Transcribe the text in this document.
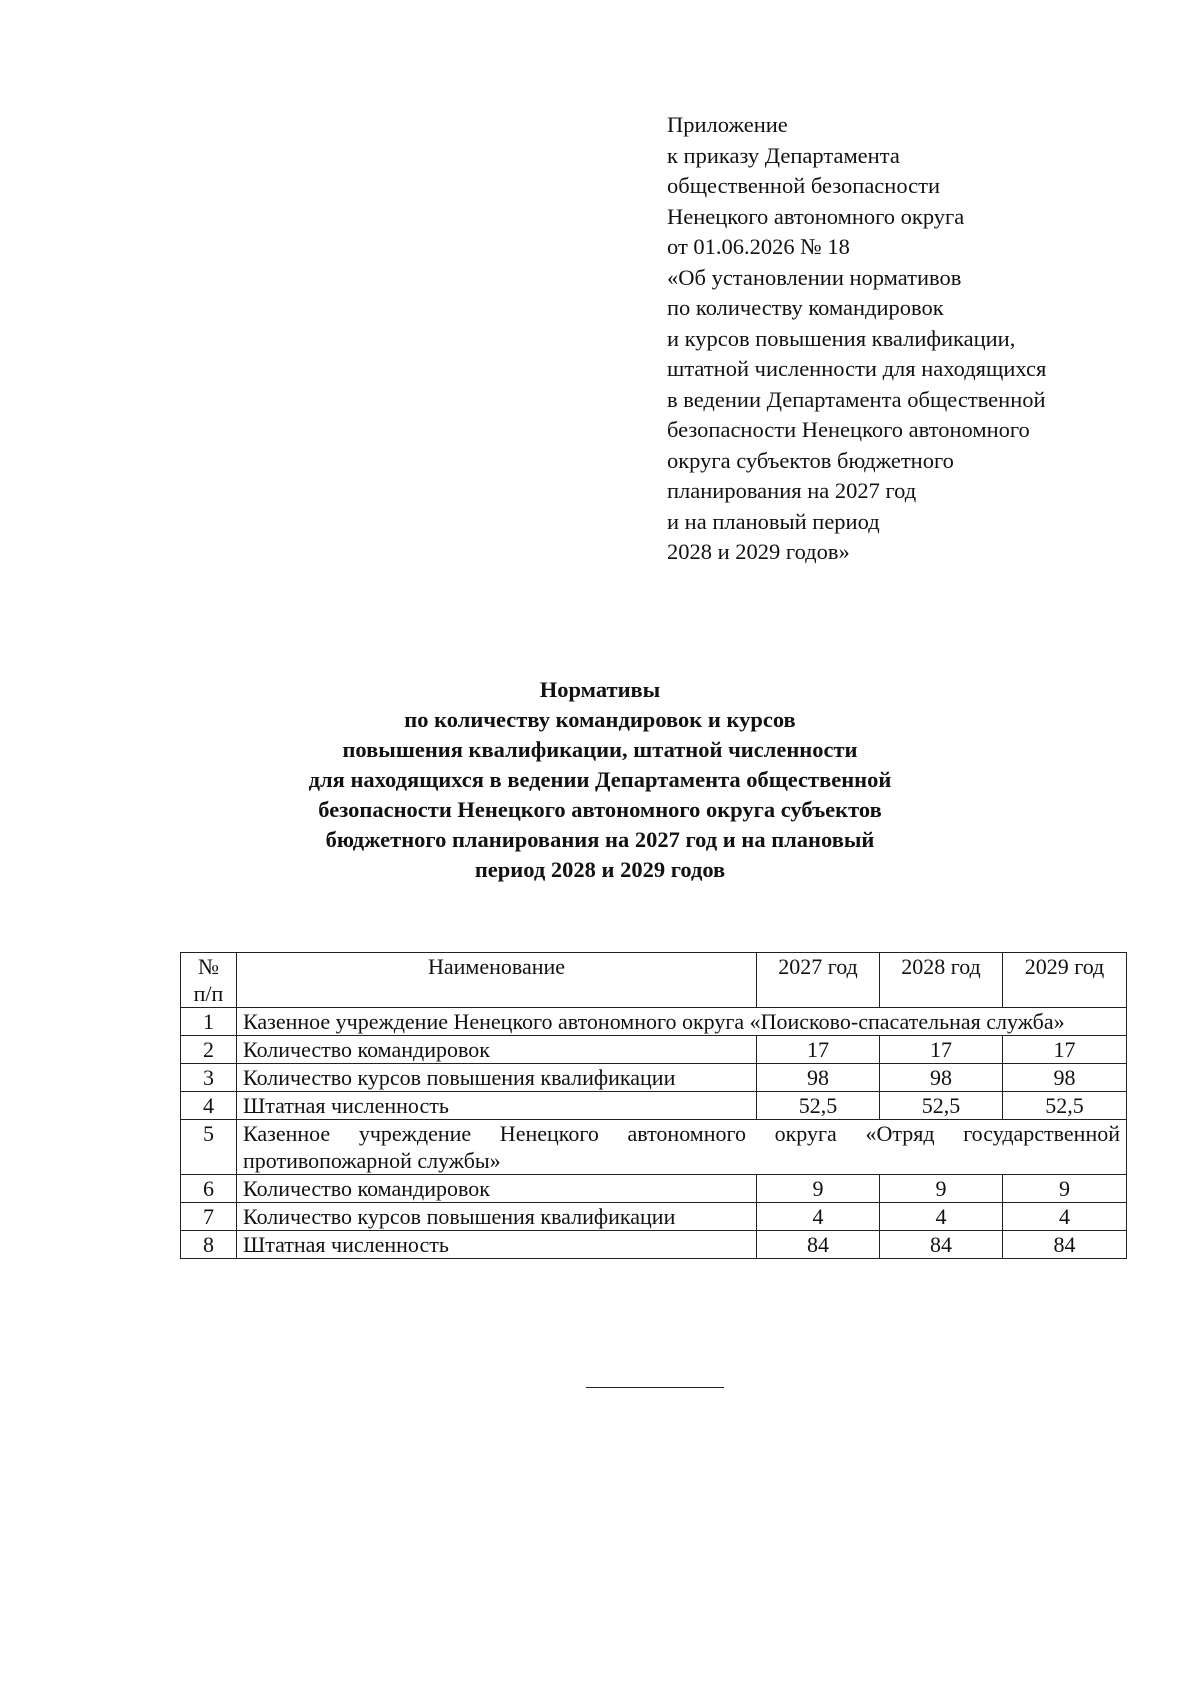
Приложение
к приказу Департамента
общественной безопасности
Ненецкого автономного округа
от 01.06.2026 № 18
«Об установлении нормативов
по количеству командировок
и курсов повышения квалификации,
штатной численности для находящихся
в ведении Департамента общественной
безопасности Ненецкого автономного
округа субъектов бюджетного
планирования на 2027 год
и на плановый период
2028 и 2029 годов»
Нормативы
по количеству командировок и курсов
повышения квалификации, штатной численности
для находящихся в ведении Департамента общественной
безопасности Ненецкого автономного округа субъектов
бюджетного планирования на 2027 год и на плановый
период 2028 и 2029 годов
№ п/п	Наименование	2027 год	2028 год	2029 год
1	Казенное учреждение Ненецкого автономного округа «Поисково-спасательная служба»			
2	Количество командировок	17	17	17
3	Количество курсов повышения квалификации	98	98	98
4	Штатная численность	52,5	52,5	52,5
5	Казенное учреждение Ненецкого автономного округа «Отряд государственной противопожарной службы»			
6	Количество командировок	9	9	9
7	Количество курсов повышения квалификации	4	4	4
8	Штатная численность	84	84	84
